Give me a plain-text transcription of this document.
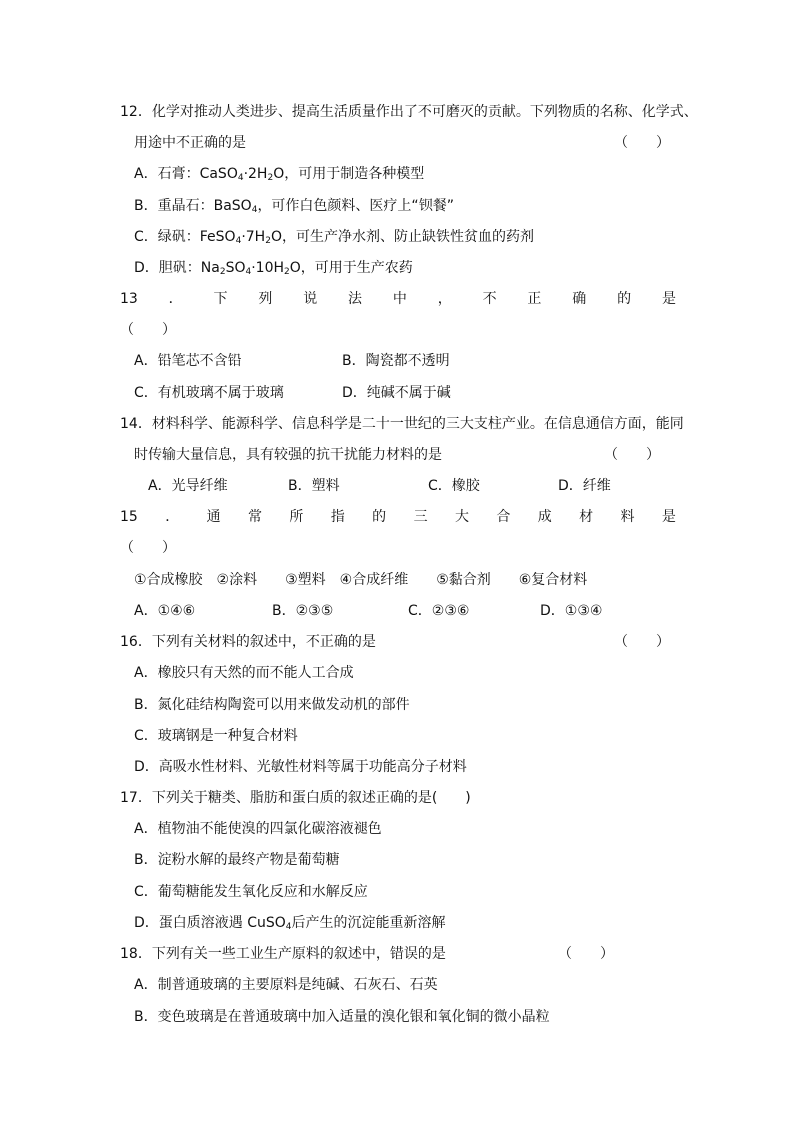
12．化学对推动人类进步、提高生活质量作出了不可磨灭的贡献。下列物质的名称、化学式、
用途中不正确的是	（　　）
A．石膏：$CaSO_4\cdot 2H_2O$，可用于制造各种模型
B．重晶石：BaSO$_4$，可作白色颜料、医疗上“钡餐”
C．绿矾：$FeSO_4\cdot 7H_2O$，可生产净水剂、防止缺铁性贫血的药剂
D．胆矾：$Na_2SO_4\cdot 10H_2O$，可用于生产农药
13 ． 下 列 说 法 中 ， 不 正 确 的 是
（　　）
A．铅笔芯不含铅	B．陶瓷都不透明
C．有机玻璃不属于玻璃	D．纯碱不属于碱
14．材料科学、能源科学、信息科学是二十一世纪的三大支柱产业。在信息通信方面，能同
时传输大量信息，具有较强的抗干扰能力材料的是	（　　）
A．光导纤维	B．塑料	C．橡胶	D．纤维
15 ． 通 常 所 指 的 三 大 合 成 材 料 是
（　　）
①合成橡胶　②涂料　　③塑料　④合成纤维　　⑤黏合剂　　⑥复合材料
A．①④⑥	B．②③⑤	C．②③⑥	D．①③④
16．下列有关材料的叙述中，不正确的是	（　　）
A．橡胶只有天然的而不能人工合成
B．氮化硅结构陶瓷可以用来做发动机的部件
C．玻璃钢是一种复合材料
D．高吸水性材料、光敏性材料等属于功能高分子材料
17．下列关于糖类、脂肪和蛋白质的叙述正确的是(　　)
A．植物油不能使溴的四氯化碳溶液褪色
B．淀粉水解的最终产物是葡萄糖
C．葡萄糖能发生氧化反应和水解反应
D．蛋白质溶液遇 CuSO$_4$后产生的沉淀能重新溶解
18．下列有关一些工业生产原料的叙述中，错误的是	（　　）
A．制普通玻璃的主要原料是纯碱、石灰石、石英
B．变色玻璃是在普通玻璃中加入适量的溴化银和氧化铜的微小晶粒
